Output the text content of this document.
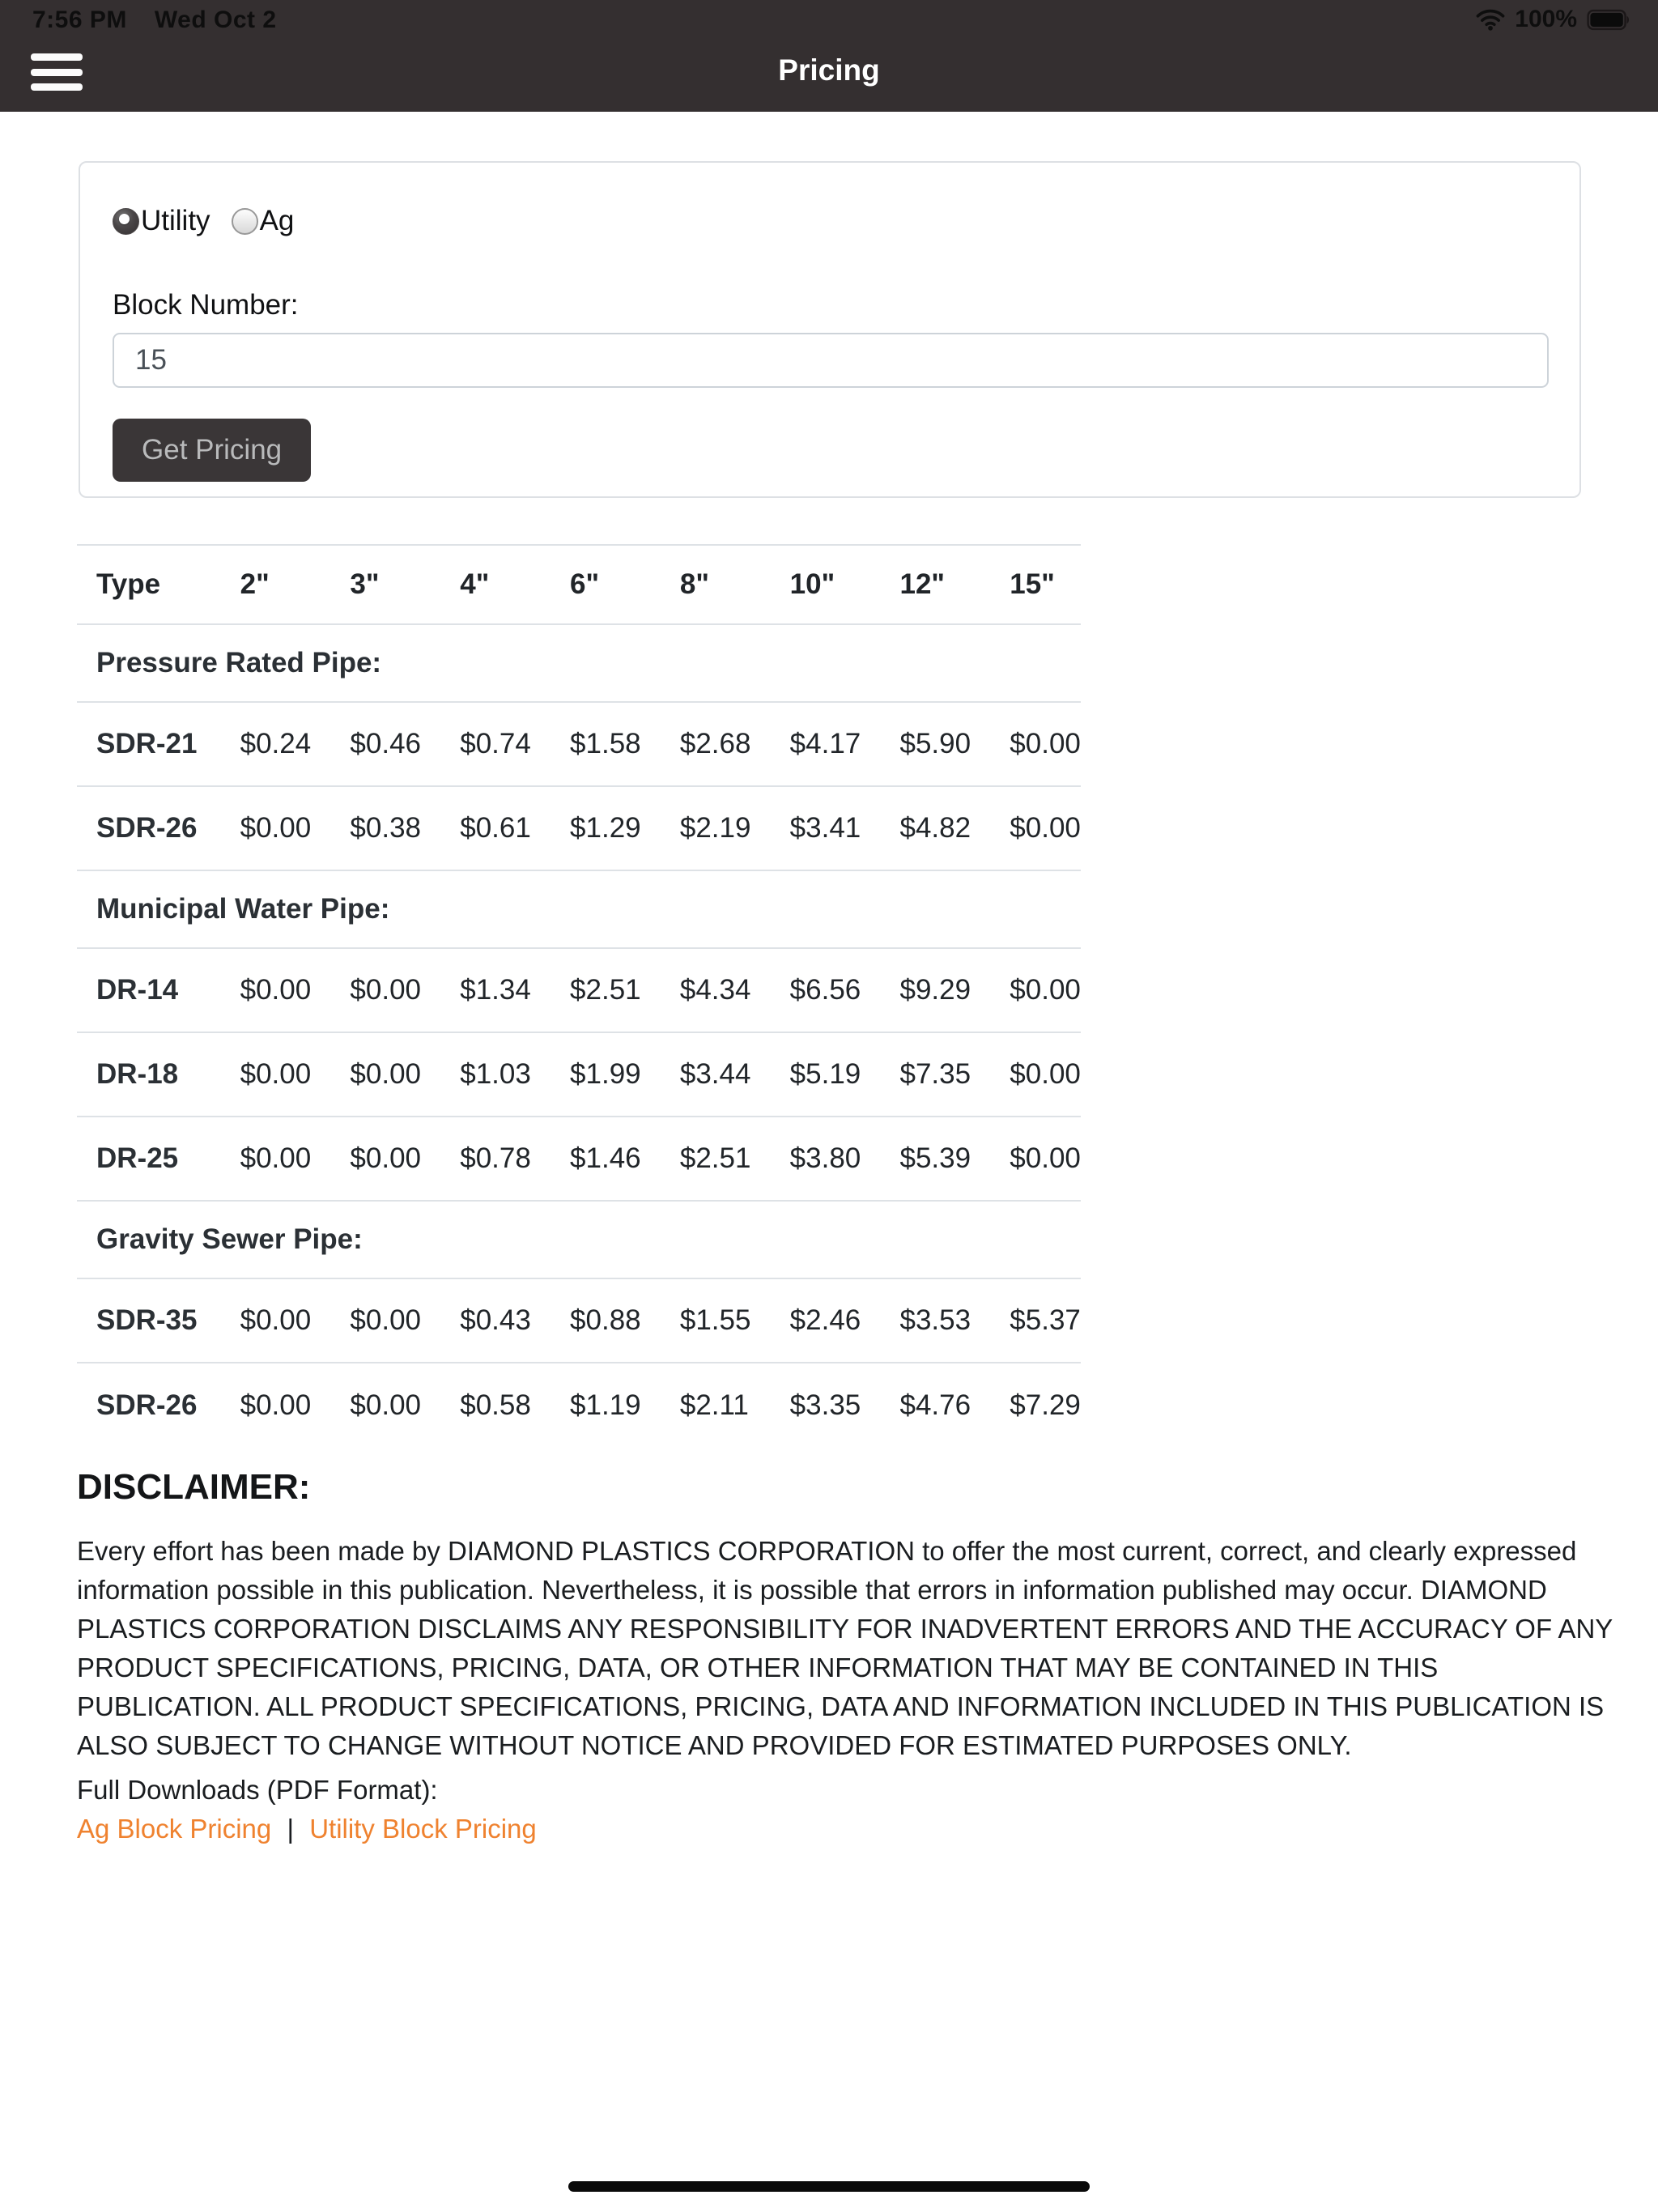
7:56 PM Wed Oct 2	100%
Pricing
Utility Ag
Block Number:
15 Get Pricing
Type	2"	3"	4"	6"	8"	10"	12"	15"
Pressure Rated Pipe:								
SDR-21	$0.24	$0.46	$0.74	$1.58	$2.68	$4.17	$5.90	$0.00
SDR-26	$0.00	$0.38	$0.61	$1.29	$2.19	$3.41	$4.82	$0.00
Municipal Water Pipe:								
DR-14	$0.00	$0.00	$1.34	$2.51	$4.34	$6.56	$9.29	$0.00
DR-18	$0.00	$0.00	$1.03	$1.99	$3.44	$5.19	$7.35	$0.00
DR-25	$0.00	$0.00	$0.78	$1.46	$2.51	$3.80	$5.39	$0.00
Gravity Sewer Pipe:								
SDR-35	$0.00	$0.00	$0.43	$0.88	$1.55	$2.46	$3.53	$5.37
SDR-26	$0.00	$0.00	$0.58	$1.19	$2.11	$3.35	$4.76	$7.29
DISCLAIMER:
Every effort has been made by DIAMOND PLASTICS CORPORATION to offer the most current, correct, and clearly expressed information possible in this publication. Nevertheless, it is possible that errors in information published may occur. DIAMOND PLASTICS CORPORATION DISCLAIMS ANY RESPONSIBILITY FOR INADVERTENT ERRORS AND THE ACCURACY OF ANY PRODUCT SPECIFICATIONS, PRICING, DATA, OR OTHER INFORMATION THAT MAY BE CONTAINED IN THIS PUBLICATION. ALL PRODUCT SPECIFICATIONS, PRICING, DATA AND INFORMATION INCLUDED IN THIS PUBLICATION IS ALSO SUBJECT TO CHANGE WITHOUT NOTICE AND PROVIDED FOR ESTIMATED PURPOSES ONLY.
Full Downloads (PDF Format):
Ag Block Pricing | Utility Block Pricing
